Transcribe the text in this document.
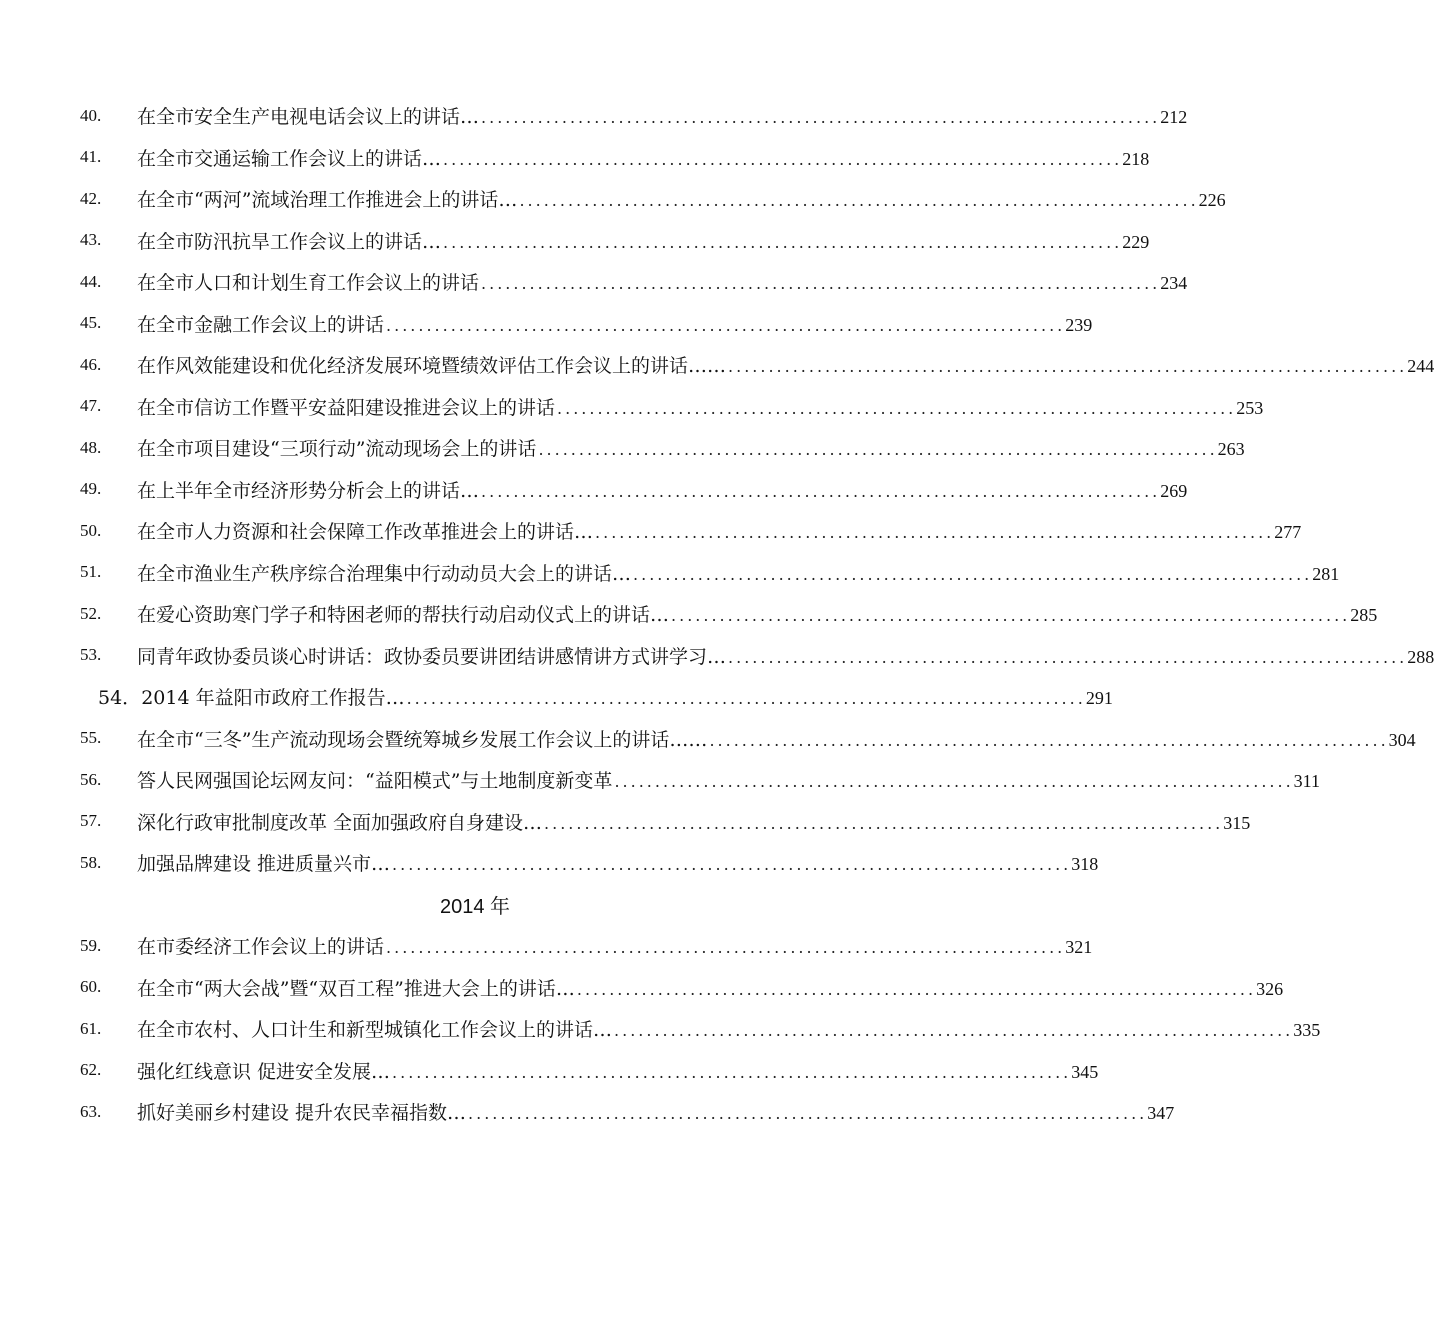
40.	在全市安全生产电视电话会议上的讲话… .................................................................................... 212
41.	在全市交通运输工作会议上的讲话… .................................................................................... 218
42.	在全市“两河”流域治理工作推进会上的讲话… .................................................................................... 226
43.	在全市防汛抗旱工作会议上的讲话… .................................................................................... 229
44.	在全市人口和计划生育工作会议上的讲话 .................................................................................... 234
45.	在全市金融工作会议上的讲话 .................................................................................... 239
46.	在作风效能建设和优化经济发展环境暨绩效评估工作会议上的讲话…… .................................................................................... 244
47.	在全市信访工作暨平安益阳建设推进会议上的讲话 .................................................................................... 253
48.	在全市项目建设“三项行动”流动现场会上的讲话 .................................................................................... 263
49.	在上半年全市经济形势分析会上的讲话… .................................................................................... 269
50.	在全市人力资源和社会保障工作改革推进会上的讲话… .................................................................................... 277
51.	在全市渔业生产秩序综合治理集中行动动员大会上的讲话… .................................................................................... 281
52.	在爱心资助寒门学子和特困老师的帮扶行动启动仪式上的讲话… .................................................................................... 285
53.	同青年政协委员谈心时讲话：政协委员要讲团结讲感情讲方式讲学习… .................................................................................... 288
54． 2014 年益阳市政府工作报告… .................................................................................... 291
55.	在全市“三冬”生产流动现场会暨统筹城乡发展工作会议上的讲话…… .................................................................................... 304
56.	答人民网强国论坛网友问：“益阳模式”与土地制度新变革 .................................................................................... 311
57.	深化行政审批制度改革 全面加强政府自身建设… .................................................................................... 315
58.	加强品牌建设 推进质量兴市… .................................................................................... 318
2014 年
59.	在市委经济工作会议上的讲话 .................................................................................... 321
60.	在全市“两大会战”暨“双百工程”推进大会上的讲话… .................................................................................... 326
61.	在全市农村、人口计生和新型城镇化工作会议上的讲话… .................................................................................... 335
62.	强化红线意识 促进安全发展… .................................................................................... 345
63.	抓好美丽乡村建设 提升农民幸福指数… .................................................................................... 347
